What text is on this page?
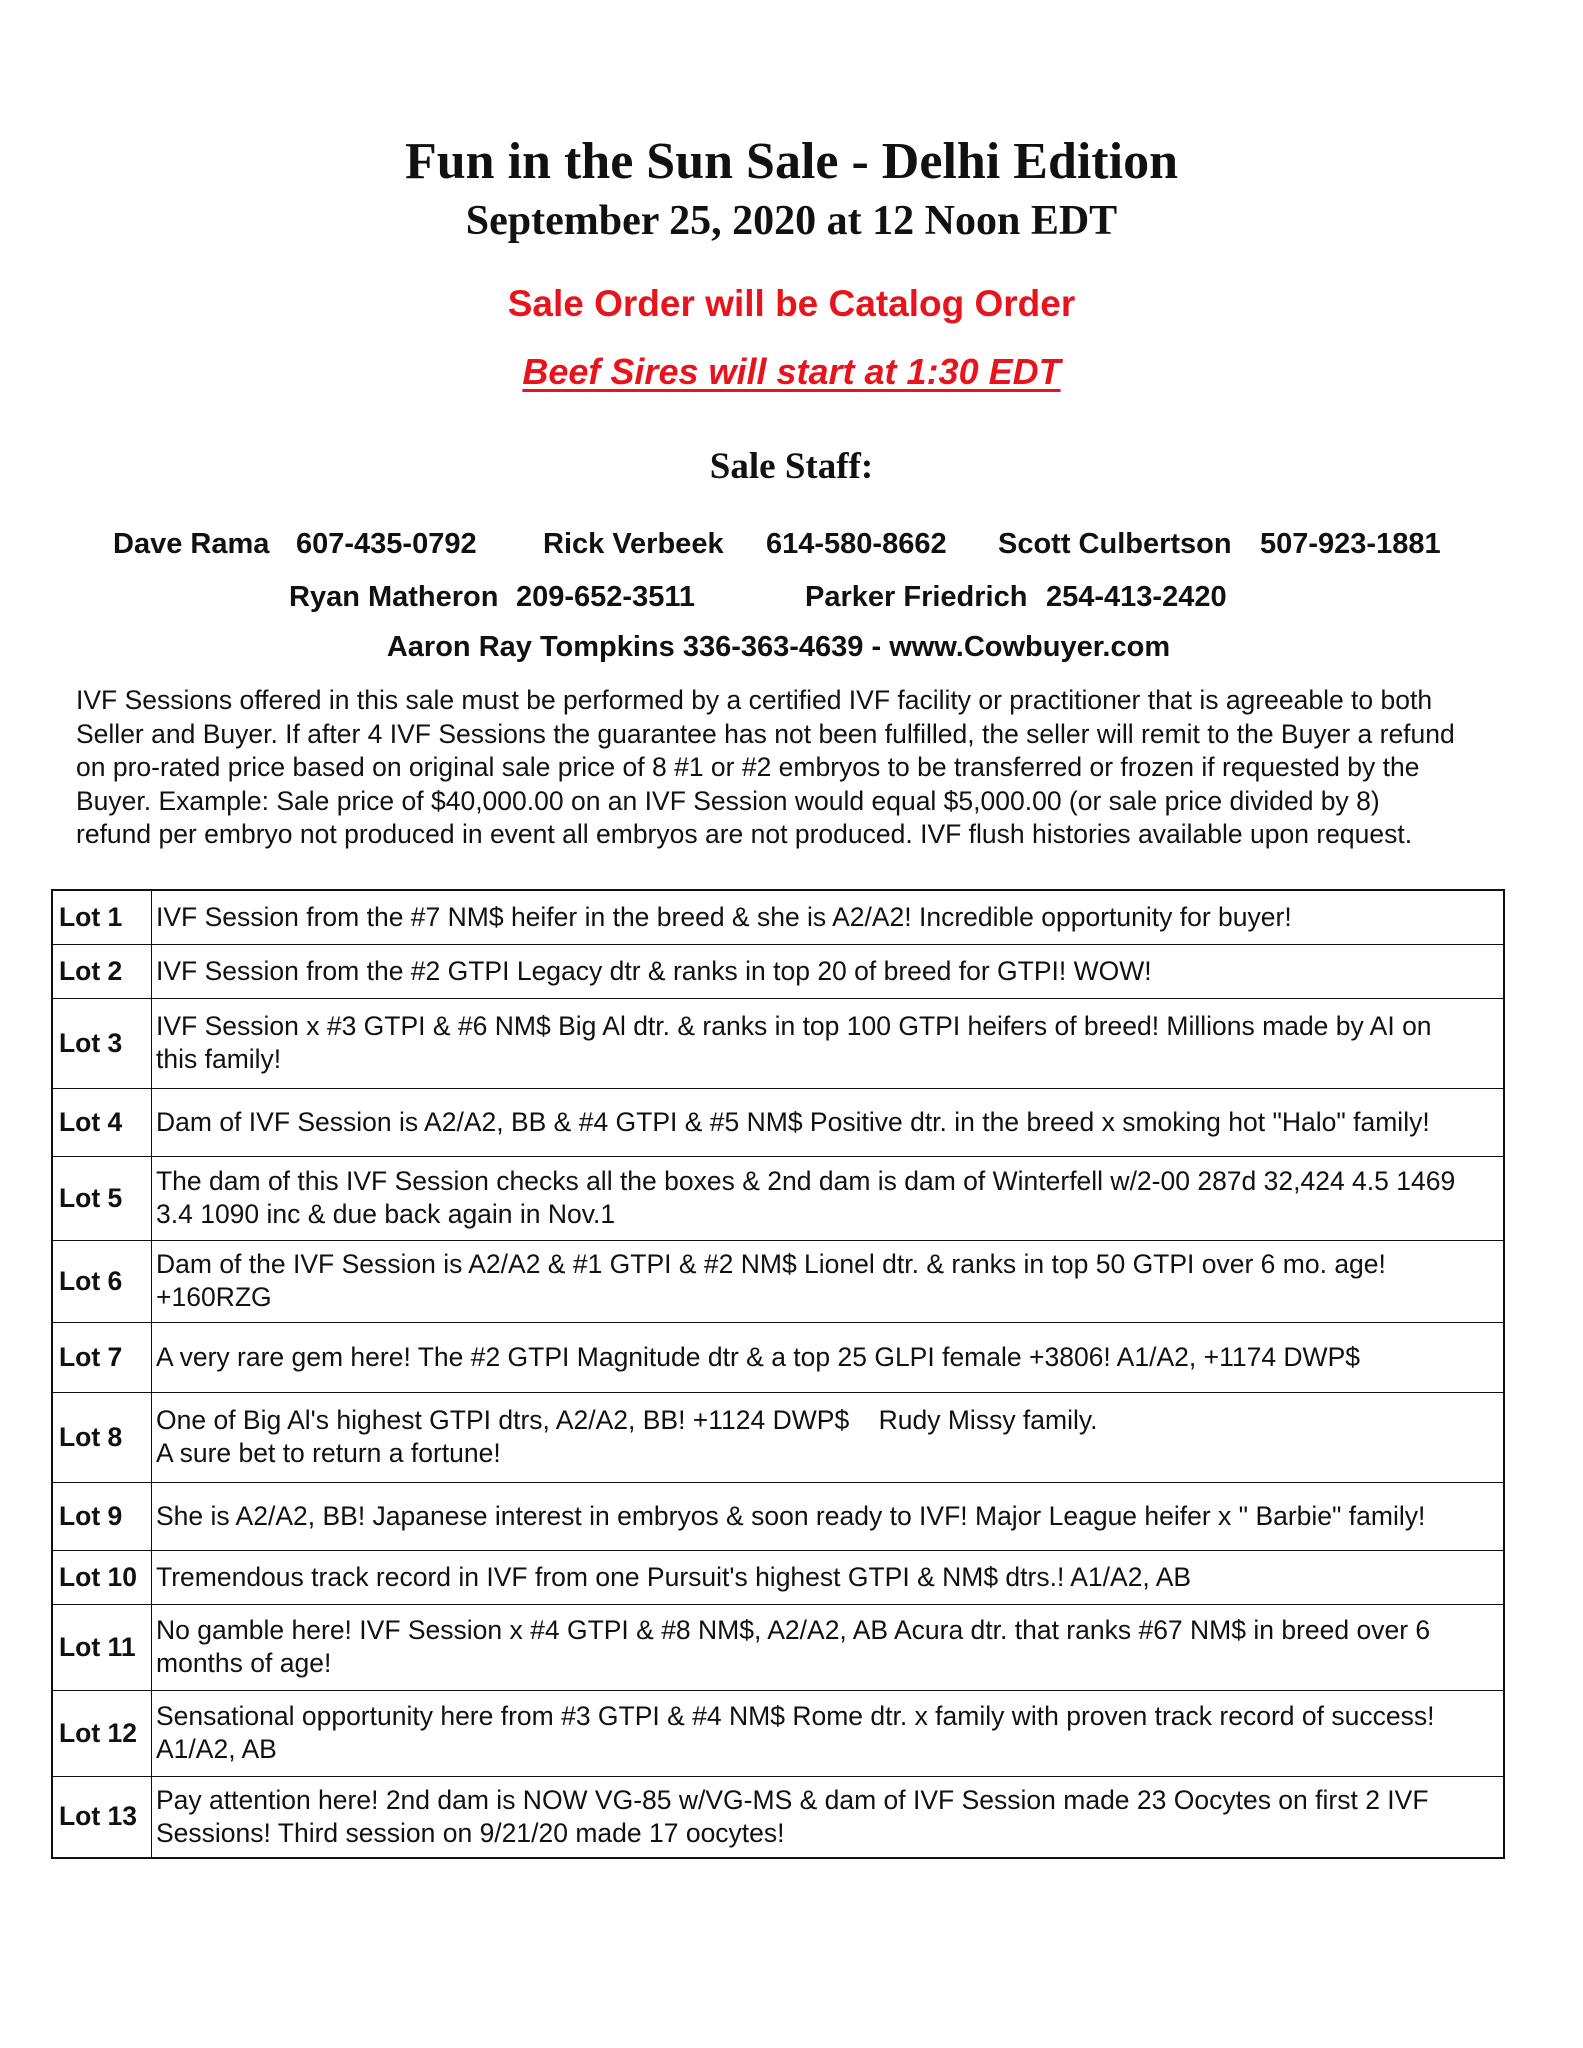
Fun in the Sun Sale - Delhi Edition
September 25, 2020 at 12 Noon EDT
Sale Order will be Catalog Order
Beef Sires will start at 1:30 EDT
Sale Staff:
Dave Rama 607-435-0792 Rick Verbeek 614-580-8662 Scott Culbertson 507-923-1881
Ryan Matheron 209-652-3511	Parker Friedrich 254-413-2420
Aaron Ray Tompkins 336-363-4639 - www.Cowbuyer.com

IVF Sessions offered in this sale must be performed by a certified IVF facility or practitioner that is agreeable to both

Seller and Buyer. If after 4 IVF Sessions the guarantee has not been fulfilled, the seller will remit to the Buyer a refund

on pro-rated price based on original sale price of 8 #1 or #2 embryos to be transferred or frozen if requested by the

Buyer. Example: Sale price of $40,000.00 on an IVF Session would equal $5,000.00 (or sale price divided by 8)

refund per embryo not produced in event all embryos are not produced. IVF flush histories available upon request.

Lot 1	IVF Session from the #7 NM$ heifer in the breed & she is A2/A2! Incredible opportunity for buyer!

Lot 2	IVF Session from the #2 GTPI Legacy dtr & ranks in top 20 of breed for GTPI! WOW!

Lot 3	IVF Session x #3 GTPI & #6 NM$ Big Al dtr. & ranks in top 100 GTPI heifers of breed! Millions made by AI on
this family!

Lot 4	Dam of IVF Session is A2/A2, BB & #4 GTPI & #5 NM$ Positive dtr. in the breed x smoking hot "Halo" family!

Lot 5	The dam of this IVF Session checks all the boxes & 2nd dam is dam of Winterfell w/2-00 287d 32,424 4.5 1469
3.4 1090 inc & due back again in Nov.1

Lot 6	Dam of the IVF Session is A2/A2 & #1 GTPI & #2 NM$ Lionel dtr. & ranks in top 50 GTPI over 6 mo. age!
+160RZG

Lot 7	A very rare gem here! The #2 GTPI Magnitude dtr & a top 25 GLPI female +3806! A1/A2, +1174 DWP$

Lot 8	One of Big Al's highest GTPI dtrs, A2/A2, BB! +1124 DWP$    Rudy Missy family.
A sure bet to return a fortune!

Lot 9	She is A2/A2, BB! Japanese interest in embryos & soon ready to IVF! Major League heifer x " Barbie" family!

Lot 10	Tremendous track record in IVF from one Pursuit's highest GTPI & NM$ dtrs.! A1/A2, AB

Lot 11	No gamble here! IVF Session x #4 GTPI & #8 NM$, A2/A2, AB Acura dtr. that ranks #67 NM$ in breed over 6
months of age!

Lot 12	Sensational opportunity here from #3 GTPI & #4 NM$ Rome dtr. x family with proven track record of success!
A1/A2, AB

Lot 13	Pay attention here! 2nd dam is NOW VG-85 w/VG-MS & dam of IVF Session made 23 Oocytes on first 2 IVF
Sessions! Third session on 9/21/20 made 17 oocytes!
